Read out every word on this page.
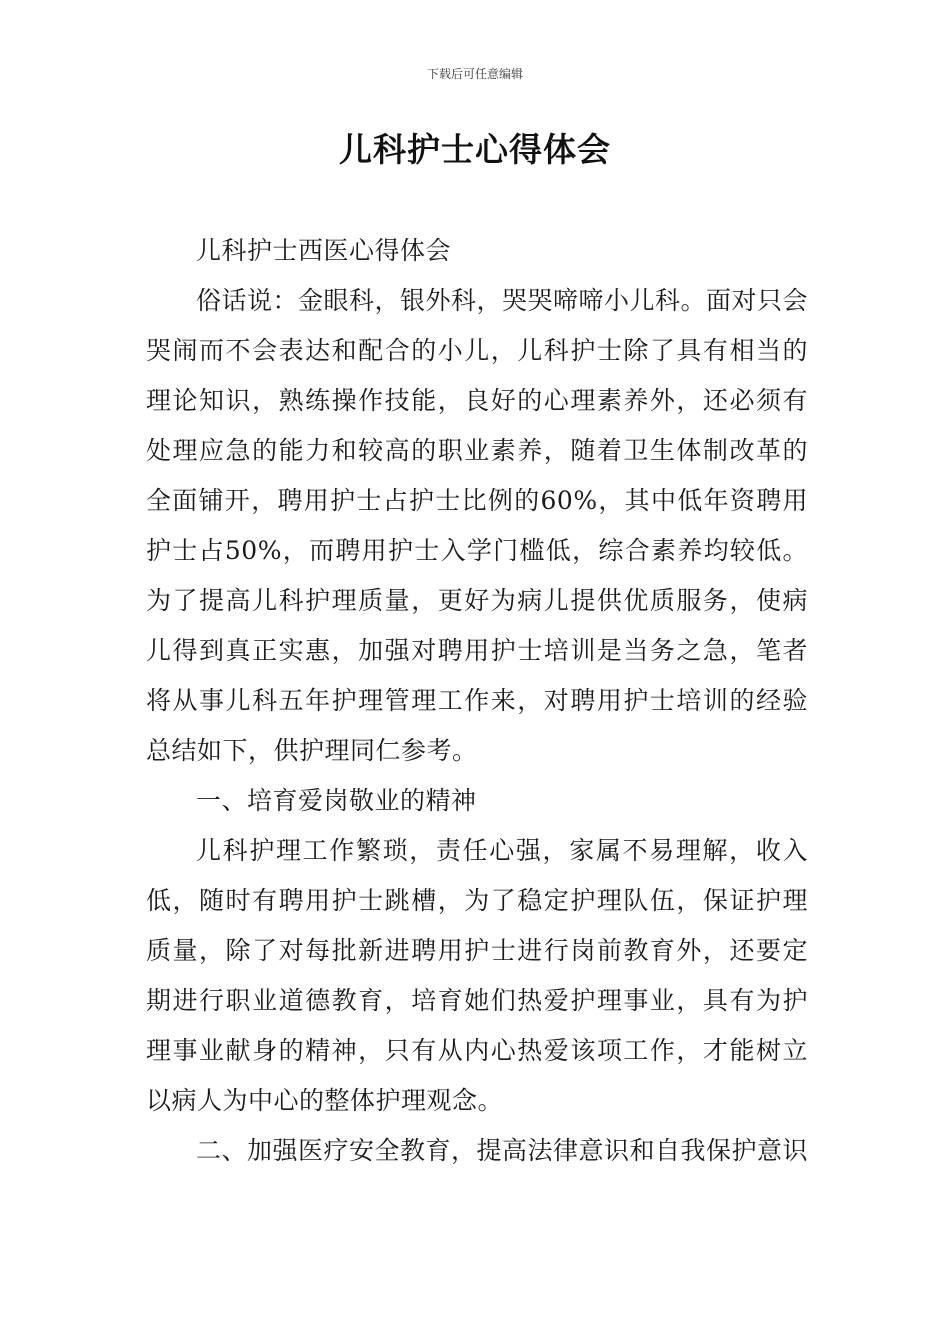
下载后可任意编辑
儿科护士心得体会

儿科护士西医心得体会

俗话说：金眼科，银外科，哭哭啼啼小儿科。面对只会哭闹而不会表达和配合的小儿，儿科护士除了具有相当的理论知识，熟练操作技能，良好的心理素养外，还必须有处理应急的能力和较高的职业素养，随着卫生体制改革的全面铺开，聘用护士占护士比例的60%，其中低年资聘用护士占50%，而聘用护士入学门槛低，综合素养均较低。为了提高儿科护理质量，更好为病儿提供优质服务，使病儿得到真正实惠，加强对聘用护士培训是当务之急，笔者将从事儿科五年护理管理工作来，对聘用护士培训的经验总结如下，供护理同仁参考。

一、培育爱岗敬业的精神

儿科护理工作繁琐，责任心强，家属不易理解，收入低，随时有聘用护士跳槽，为了稳定护理队伍，保证护理质量，除了对每批新进聘用护士进行岗前教育外，还要定期进行职业道德教育，培育她们热爱护理事业，具有为护理事业献身的精神，只有从内心热爱该项工作，才能树立以病人为中心的整体护理观念。

二、加强医疗安全教育，提高法律意识和自我保护意识
